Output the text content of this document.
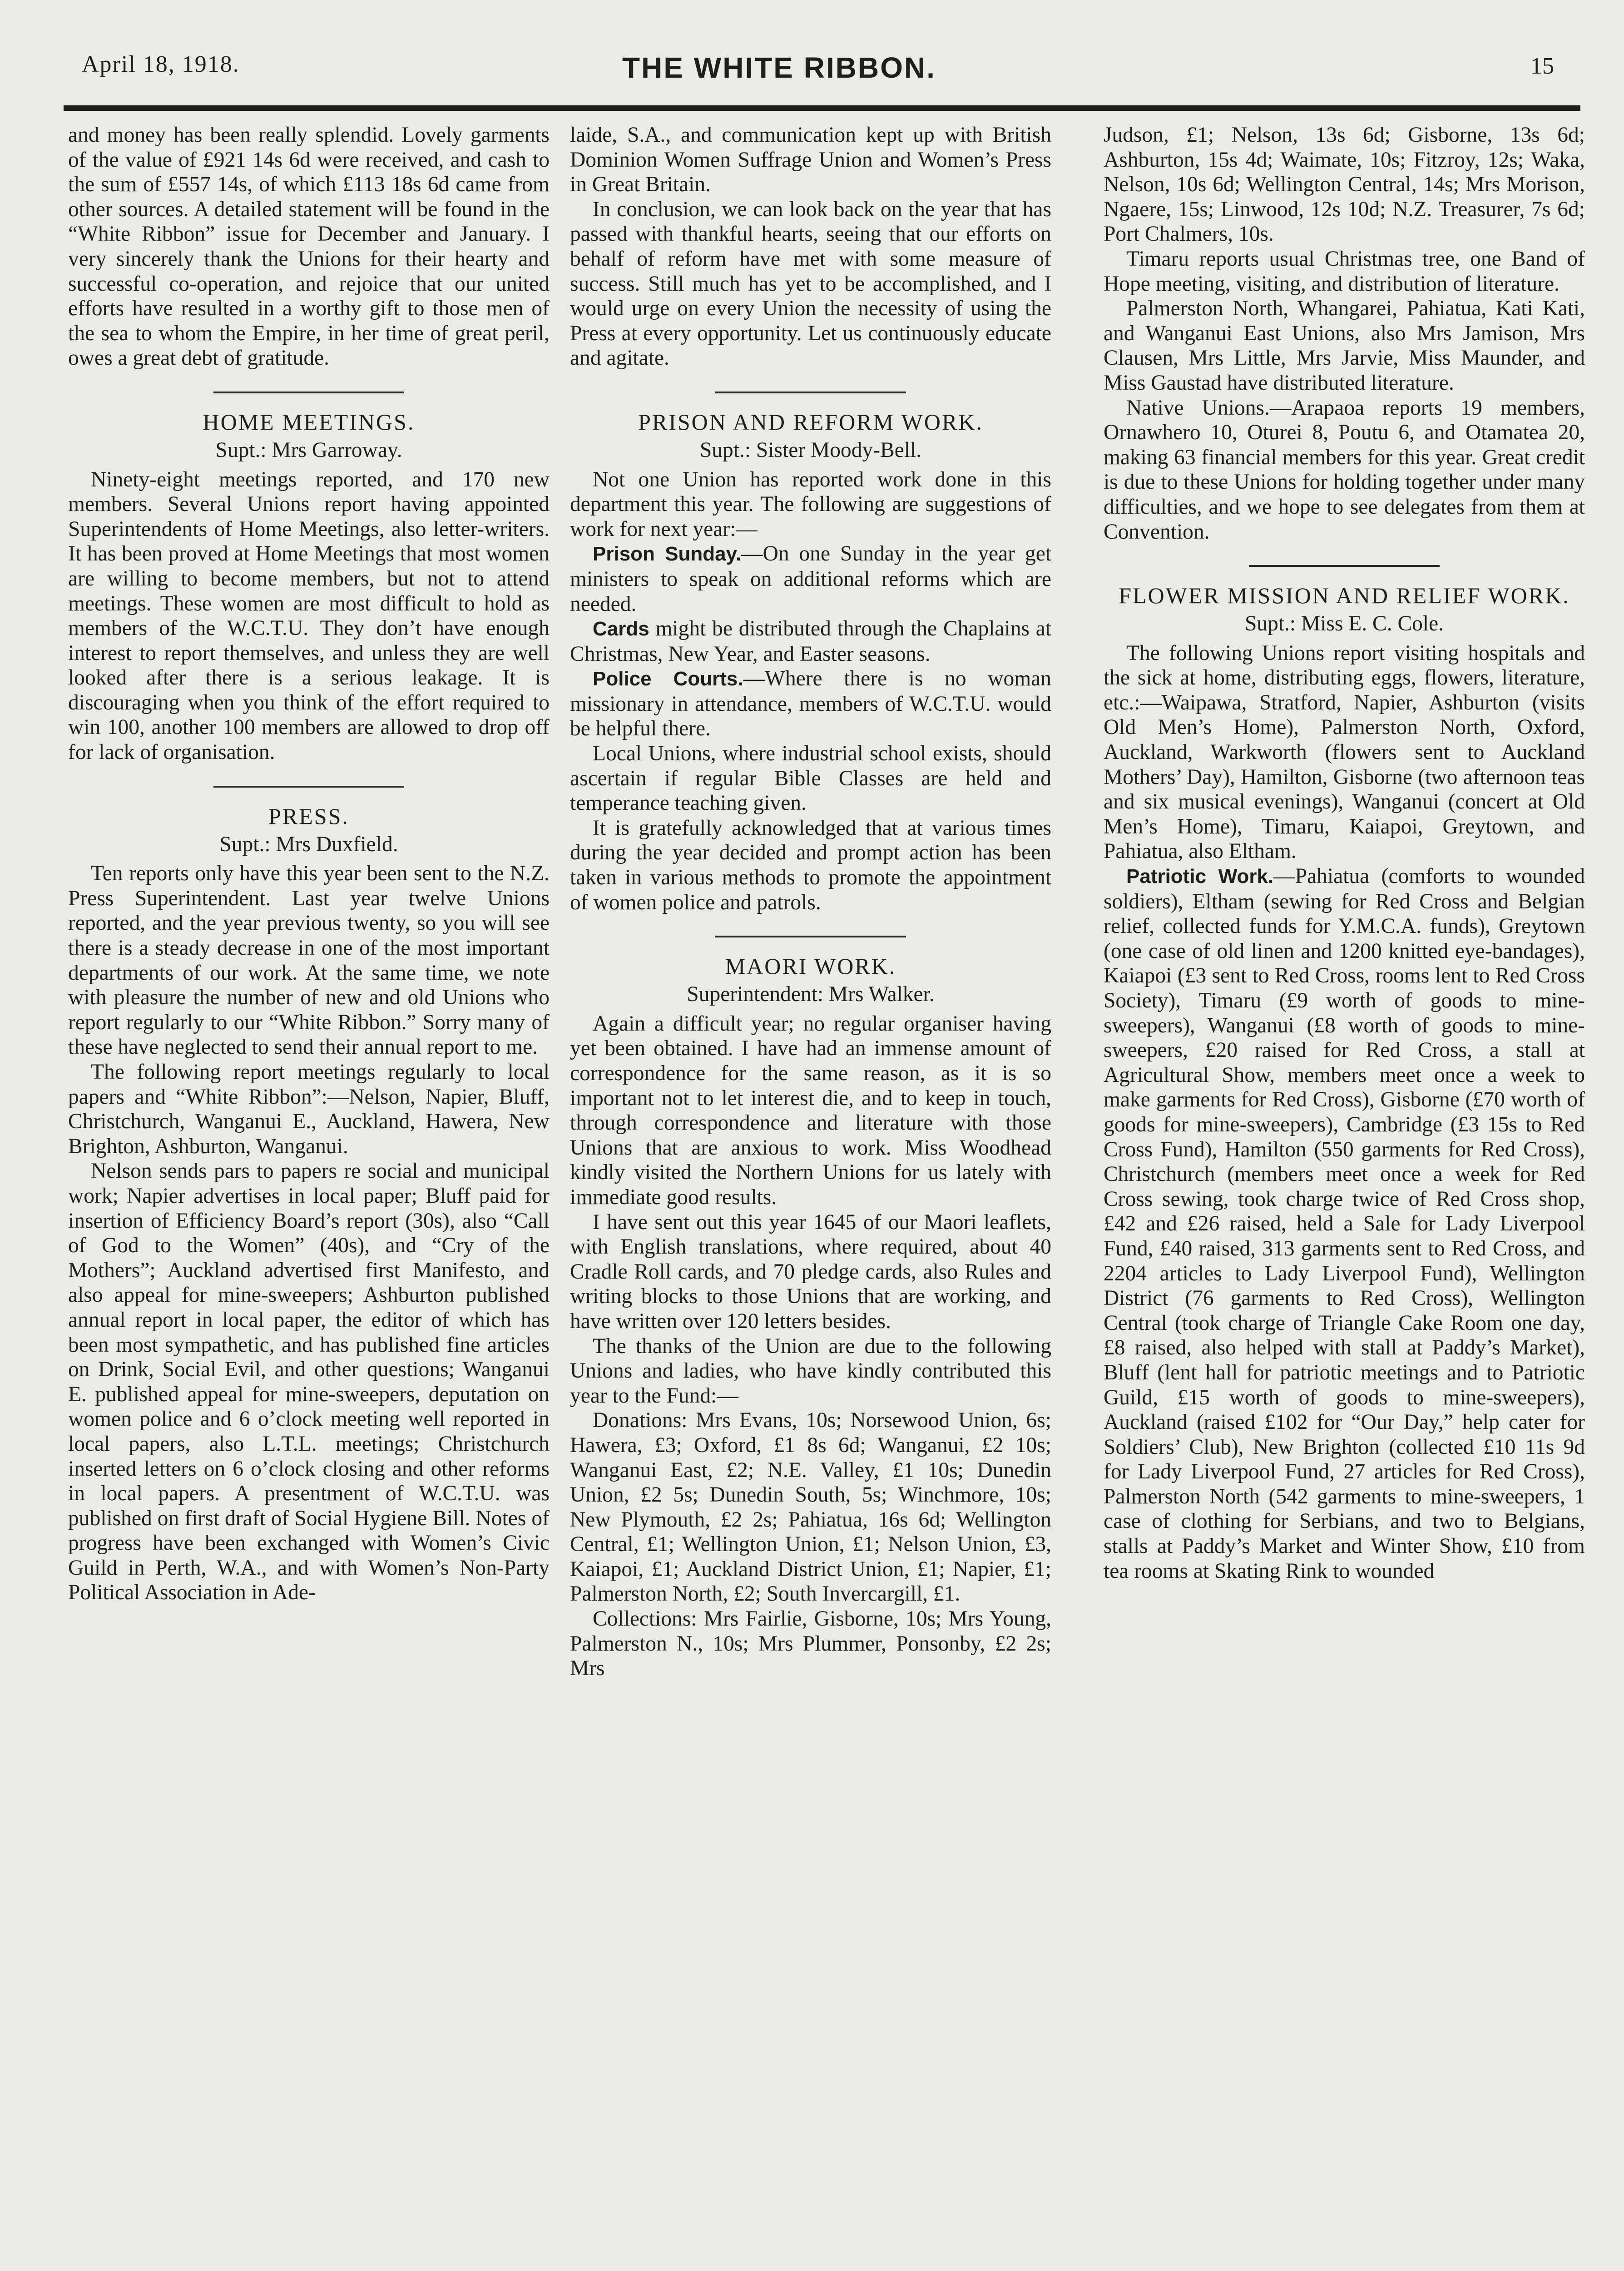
April 18, 1918.	THE WHITE RIBBON.	15

and money has been really splendid. Lovely garments of the value of £921 14s 6d were received, and cash to the sum of £557 14s, of which £113 18s 6d came from other sources. A detailed statement will be found in the “White Ribbon” issue for December and January. I very sincerely thank the Unions for their hearty and successful co-operation, and rejoice that our united efforts have resulted in a worthy gift to those men of the sea to whom the Empire, in her time of great peril, owes a great debt of gratitude.

HOME MEETINGS.

Supt.: Mrs Garroway.

Ninety-eight meetings reported, and 170 new members. Several Unions report having appointed Superintendents of Home Meetings, also letter-writers. It has been proved at Home Meetings that most women are willing to become members, but not to attend meetings. These women are most difficult to hold as members of the W.C.T.U. They don’t have enough interest to report themselves, and unless they are well looked after there is a serious leakage. It is discouraging when you think of the effort required to win 100, another 100 members are allowed to drop off for lack of organisation.

PRESS.

Supt.: Mrs Duxfield.

Ten reports only have this year been sent to the N.Z. Press Superintendent. Last year twelve Unions reported, and the year previous twenty, so you will see there is a steady decrease in one of the most important departments of our work. At the same time, we note with pleasure the number of new and old Unions who report regularly to our “White Ribbon.” Sorry many of these have neglected to send their annual report to me.

The following report meetings regularly to local papers and “White Ribbon”:—Nelson, Napier, Bluff, Christchurch, Wanganui E., Auckland, Hawera, New Brighton, Ashburton, Wanganui.

Nelson sends pars to papers re social and municipal work; Napier advertises in local paper; Bluff paid for insertion of Efficiency Board’s report (30s), also “Call of God to the Women” (40s), and “Cry of the Mothers”; Auckland advertised first Manifesto, and also appeal for mine-sweepers; Ashburton published annual report in local paper, the editor of which has been most sympathetic, and has published fine articles on Drink, Social Evil, and other questions; Wanganui E. published appeal for mine-sweepers, deputation on women police and 6 o’clock meeting well reported in local papers, also L.T.L. meetings; Christchurch inserted letters on 6 o’clock closing and other reforms in local papers. A presentment of W.C.T.U. was published on first draft of Social Hygiene Bill. Notes of progress have been exchanged with Women’s Civic Guild in Perth, W.A., and with Women’s Non-Party Political Association in Ade-

laide, S.A., and communication kept up with British Dominion Women Suffrage Union and Women’s Press in Great Britain.

In conclusion, we can look back on the year that has passed with thankful hearts, seeing that our efforts on behalf of reform have met with some measure of success. Still much has yet to be accomplished, and I would urge on every Union the necessity of using the Press at every opportunity. Let us continuously educate and agitate.

PRISON AND REFORM WORK.

Supt.: Sister Moody-Bell.

Not one Union has reported work done in this department this year. The following are suggestions of work for next year:—

Prison Sunday.—On one Sunday in the year get ministers to speak on additional reforms which are needed.

Cards might be distributed through the Chaplains at Christmas, New Year, and Easter seasons.

Police Courts.—Where there is no woman missionary in attendance, members of W.C.T.U. would be helpful there.

Local Unions, where industrial school exists, should ascertain if regular Bible Classes are held and temperance teaching given.

It is gratefully acknowledged that at various times during the year decided and prompt action has been taken in various methods to promote the appointment of women police and patrols.

MAORI WORK.

Superintendent: Mrs Walker.

Again a difficult year; no regular organiser having yet been obtained. I have had an immense amount of correspondence for the same reason, as it is so important not to let interest die, and to keep in touch, through correspondence and literature with those Unions that are anxious to work. Miss Woodhead kindly visited the Northern Unions for us lately with immediate good results.

I have sent out this year 1645 of our Maori leaflets, with English translations, where required, about 40 Cradle Roll cards, and 70 pledge cards, also Rules and writing blocks to those Unions that are working, and have written over 120 letters besides.

The thanks of the Union are due to the following Unions and ladies, who have kindly contributed this year to the Fund:—

Donations: Mrs Evans, 10s; Norsewood Union, 6s; Hawera, £3; Oxford, £1 8s 6d; Wanganui, £2 10s; Wanganui East, £2; N.E. Valley, £1 10s; Dunedin Union, £2 5s; Dunedin South, 5s; Winchmore, 10s; New Plymouth, £2 2s; Pahiatua, 16s 6d; Wellington Central, £1; Wellington Union, £1; Nelson Union, £3, Kaiapoi, £1; Auckland District Union, £1; Napier, £1; Palmerston North, £2; South Invercargill, £1.

Collections: Mrs Fairlie, Gisborne, 10s; Mrs Young, Palmerston N., 10s; Mrs Plummer, Ponsonby, £2 2s; Mrs

Judson, £1; Nelson, 13s 6d; Gisborne, 13s 6d; Ashburton, 15s 4d; Waimate, 10s; Fitzroy, 12s; Waka, Nelson, 10s 6d; Wellington Central, 14s; Mrs Morison, Ngaere, 15s; Linwood, 12s 10d; N.Z. Treasurer, 7s 6d; Port Chalmers, 10s.

Timaru reports usual Christmas tree, one Band of Hope meeting, visiting, and distribution of literature.

Palmerston North, Whangarei, Pahiatua, Kati Kati, and Wanganui East Unions, also Mrs Jamison, Mrs Clausen, Mrs Little, Mrs Jarvie, Miss Maunder, and Miss Gaustad have distributed literature.

Native Unions.—Arapaoa reports 19 members, Ornawhero 10, Oturei 8, Poutu 6, and Otamatea 20, making 63 financial members for this year. Great credit is due to these Unions for holding together under many difficulties, and we hope to see delegates from them at Convention.

FLOWER MISSION AND RELIEF WORK.

Supt.: Miss E. C. Cole.

The following Unions report visiting hospitals and the sick at home, distributing eggs, flowers, literature, etc.:—Waipawa, Stratford, Napier, Ashburton (visits Old Men’s Home), Palmerston North, Oxford, Auckland, Warkworth (flowers sent to Auckland Mothers’ Day), Hamilton, Gisborne (two afternoon teas and six musical evenings), Wanganui (concert at Old Men’s Home), Timaru, Kaiapoi, Greytown, and Pahiatua, also Eltham.

Patriotic Work.—Pahiatua (comforts to wounded soldiers), Eltham (sewing for Red Cross and Belgian relief, collected funds for Y.M.C.A. funds), Greytown (one case of old linen and 1200 knitted eye-bandages), Kaiapoi (£3 sent to Red Cross, rooms lent to Red Cross Society), Timaru (£9 worth of goods to mine-sweepers), Wanganui (£8 worth of goods to mine-sweepers, £20 raised for Red Cross, a stall at Agricultural Show, members meet once a week to make garments for Red Cross), Gisborne (£70 worth of goods for mine-sweepers), Cambridge (£3 15s to Red Cross Fund), Hamilton (550 garments for Red Cross), Christchurch (members meet once a week for Red Cross sewing, took charge twice of Red Cross shop, £42 and £26 raised, held a Sale for Lady Liverpool Fund, £40 raised, 313 garments sent to Red Cross, and 2204 articles to Lady Liverpool Fund), Wellington District (76 garments to Red Cross), Wellington Central (took charge of Triangle Cake Room one day, £8 raised, also helped with stall at Paddy’s Market), Bluff (lent hall for patriotic meetings and to Patriotic Guild, £15 worth of goods to mine-sweepers), Auckland (raised £102 for “Our Day,” help cater for Soldiers’ Club), New Brighton (collected £10 11s 9d for Lady Liverpool Fund, 27 articles for Red Cross), Palmerston North (542 garments to mine-sweepers, 1 case of clothing for Serbians, and two to Belgians, stalls at Paddy’s Market and Winter Show, £10 from tea rooms at Skating Rink to wounded
